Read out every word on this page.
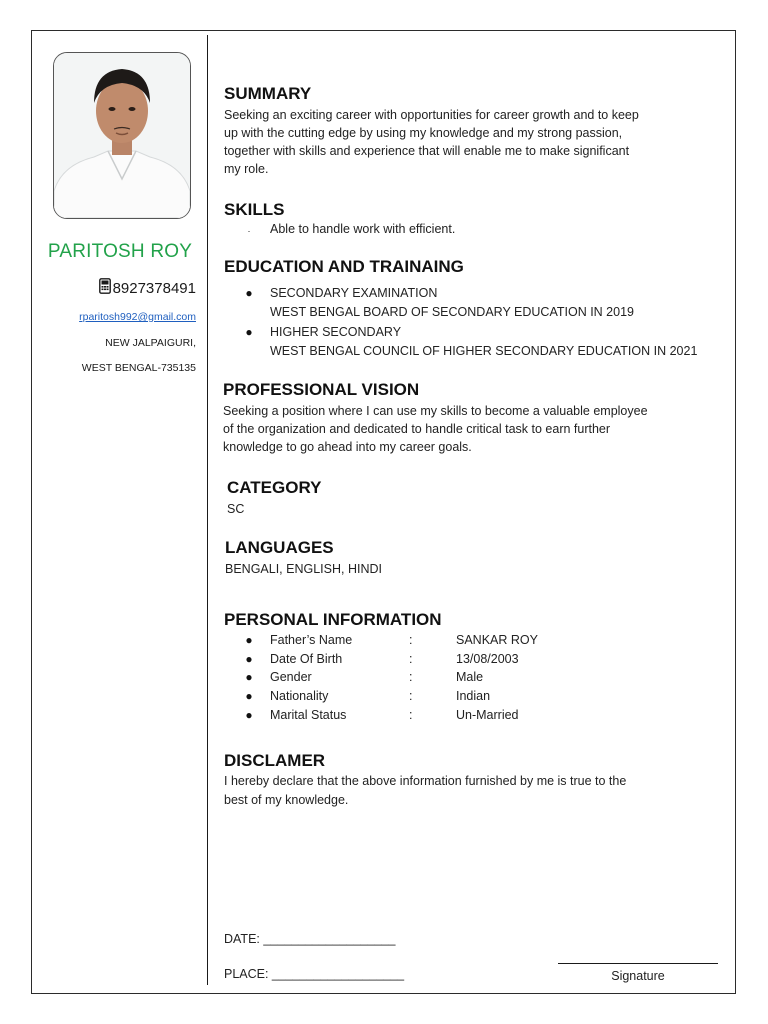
PARITOSH ROY
8927378491
rparitosh992@gmail.com
NEW JALPAIGURI,
WEST BENGAL-735135
SUMMARY

Seeking an exciting career with opportunities for career growth and to keep

up with the cutting edge by using my knowledge and my strong passion,

together with skills and experience that will enable me to make significant

my role.

SKILLS
. Able to handle work with efficient.
EDUCATION AND TRAINAING
● SECONDARY EXAMINATION
WEST BENGAL BOARD OF SECONDARY EDUCATION IN 2019
● HIGHER SECONDARY
WEST BENGAL COUNCIL OF HIGHER SECONDARY EDUCATION IN 2021
PROFESSIONAL VISION

Seeking a position where I can use my skills to become a valuable employee

of the organization and dedicated to handle critical task to earn further

knowledge to go ahead into my career goals.

CATEGORY

SC

LANGUAGES

BENGALI, ENGLISH, HINDI

PERSONAL INFORMATION
● Father’s Name	:	SANKAR ROY
● Date Of Birth	:	13/08/2003
● Gender	:	Male
● Nationality	:	Indian
● Marital Status	:	Un-Married
DISCLAMER

I hereby declare that the above information furnished by me is true to the

best of my knowledge.

DATE: ___________________

PLACE: ___________________	Signature
